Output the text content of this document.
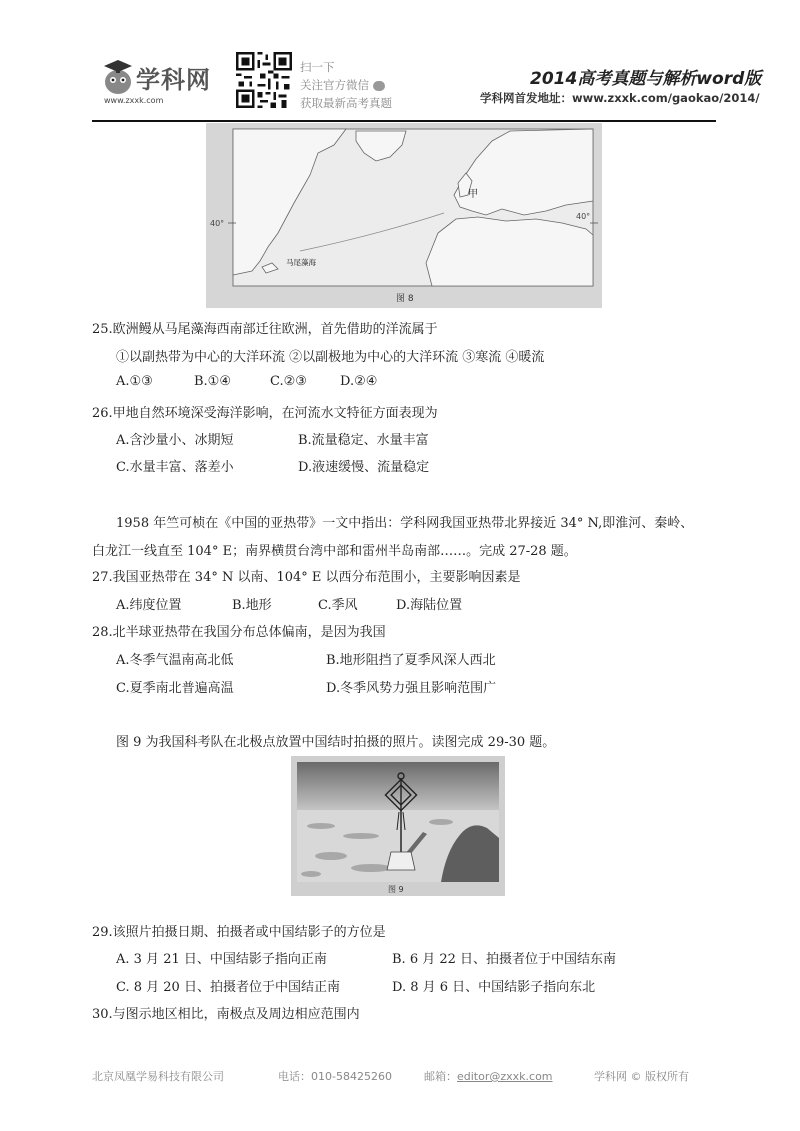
学科网
www.zxxk.com
扫一下
关注官方微信
获取最新高考真题
2014高考真题与解析word版
学科网首发地址：www.zxxk.com/gaokao/2014/
40°
40°
甲
马尾藻海
图 8
25.欧洲鳗从马尾藻海西南部迁往欧洲，首先借助的洋流属于
①以副热带为中心的大洋环流 ②以副极地为中心的大洋环流 ③寒流 ④暖流
A.①③	B.①④	C.②③	D.②④
26.甲地自然环境深受海洋影响，在河流水文特征方面表现为
A.含沙量小、冰期短	B.流量稳定、水量丰富
C.水量丰富、落差小	D.液速缓慢、流量稳定
1958 年竺可桢在《中国的亚热带》一文中指出：学科网我国亚热带北界接近 34° N,即淮河、秦岭、
白龙江一线直至 104° E；南界横贯台湾中部和雷州半岛南部……。完成 27-28 题。
27.我国亚热带在 34° N 以南、104° E 以西分布范围小，主要影响因素是
A.纬度位置	B.地形	C.季风	D.海陆位置
28.北半球亚热带在我国分布总体偏南，是因为我国
A.冬季气温南高北低	B.地形阻挡了夏季风深人西北
C.夏季南北普遍高温	D.冬季风势力强且影响范围广
图 9 为我国科考队在北极点放置中国结时拍摄的照片。读图完成 29-30 题。
图 9
29.该照片拍摄日期、拍摄者或中国结影子的方位是
A. 3 月 21 日、中国结影子指向正南	B. 6 月 22 日、拍摄者位于中国结东南
C. 8 月 20 日、拍摄者位于中国结正南	D. 8 月 6 日、中国结影子指向东北
30.与图示地区相比，南极点及周边相应范围内
北京凤凰学易科技有限公司	电话：010-58425260	邮箱：editor@zxxk.com	学科网 © 版权所有
